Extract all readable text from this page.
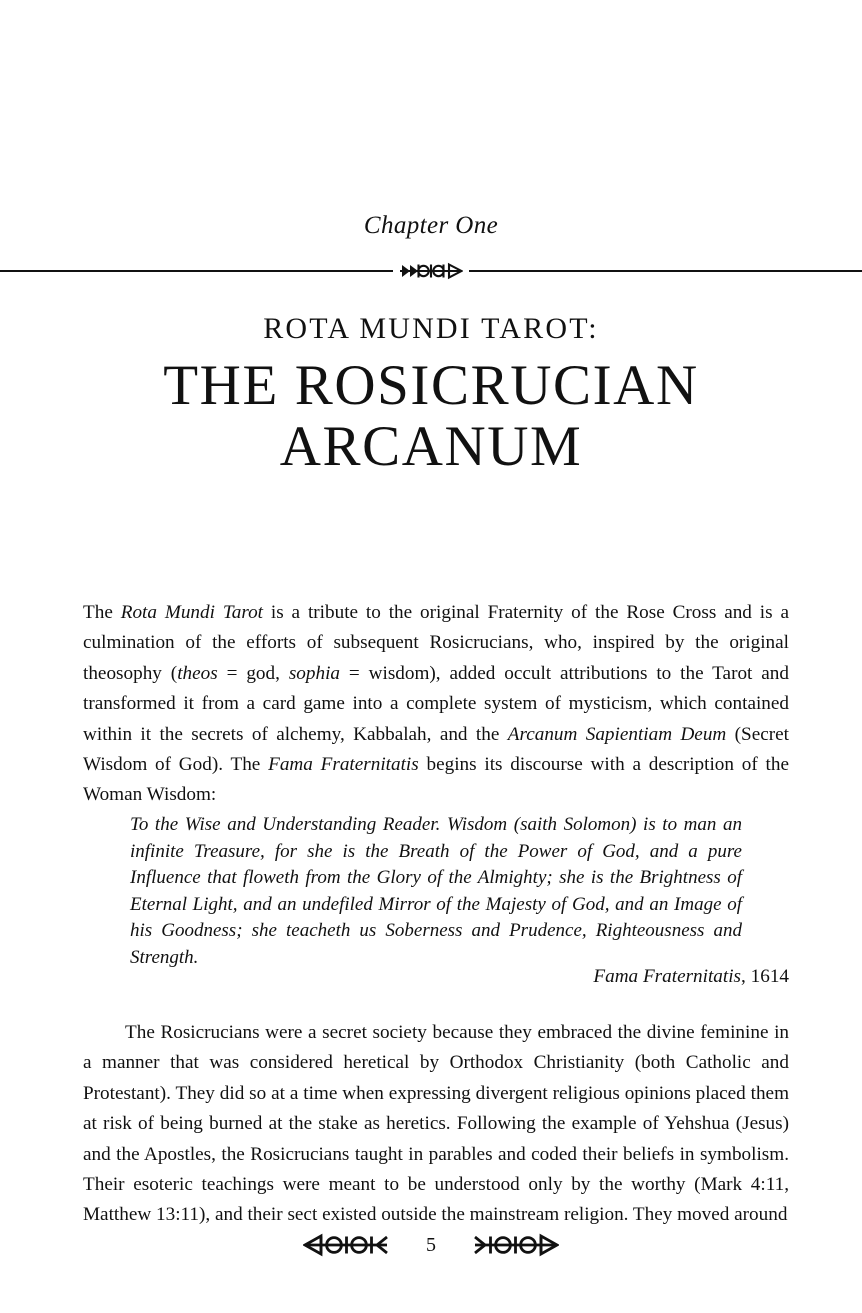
Chapter One
ROTA MUNDI TAROT:
THE ROSICRUCIAN
ARCANUM

The Rota Mundi Tarot is a tribute to the original Fraternity of the Rose Cross and is a culmination of the efforts of subsequent Rosicrucians, who, inspired by the original theosophy (theos = god, sophia = wisdom), added occult attributions to the Tarot and transformed it from a card game into a complete system of mysticism, which contained within it the secrets of alchemy, Kabbalah, and the Arcanum Sapientiam Deum (Secret Wisdom of God). The Fama Fraternitatis begins its discourse with a description of the Woman Wisdom:

To the Wise and Understanding Reader. Wisdom (saith Solomon) is to man an infinite Treasure, for she is the Breath of the Power of God, and a pure Influence that floweth from the Glory of the Almighty; she is the Brightness of Eternal Light, and an undefiled Mirror of the Majesty of God, and an Image of his Goodness; she teacheth us Soberness and Prudence, Righteousness and Strength.

Fama Fraternitatis, 1614

The Rosicrucians were a secret society because they embraced the divine feminine in a manner that was considered heretical by Orthodox Christianity (both Catholic and Protestant). They did so at a time when expressing divergent religious opinions placed them at risk of being burned at the stake as heretics. Following the example of Yehshua (Jesus) and the Apostles, the Rosicrucians taught in parables and coded their beliefs in symbolism. Their esoteric teachings were meant to be understood only by the worthy (Mark 4:11, Matthew 13:11), and their sect existed outside the mainstream religion. They moved around

5
